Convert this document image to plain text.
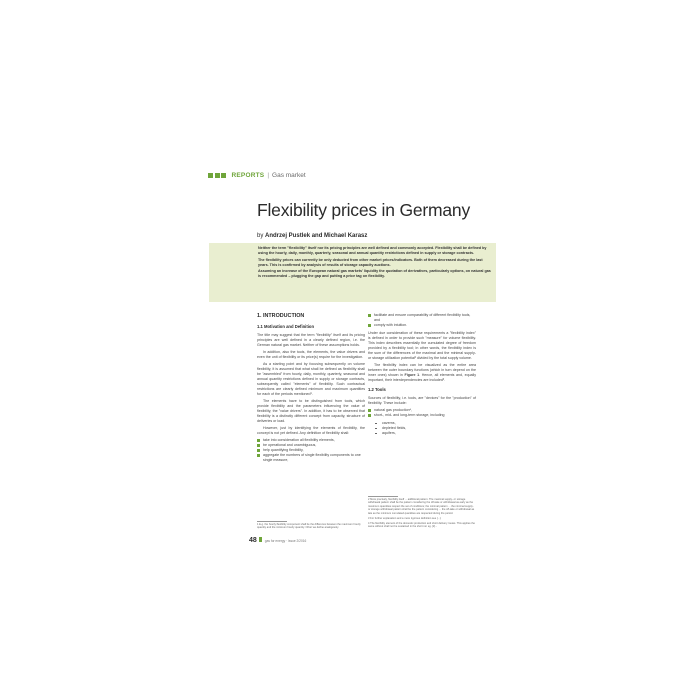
REPORTS | Gas market
Flexibility prices in Germany
by Andrzej Pustlek and Michael Karasz

Neither the term "flexibility" itself nor its pricing principles are well defined and commonly accepted. Flexibility shall be defined by using the hourly, daily, monthly, quarterly, seasonal and annual quantity restrictions defined in supply or storage contracts.

The flexibility prices can currently be only deducted from other market prices/indicators. Both of them decreased during the last years. This is confirmed by analysis of results of storage capacity auctions.

Assuming an increase of the European natural gas markets' liquidity the quotation of derivatives, particularly options, on natural gas is recommended – plugging the gap and putting a price tag on flexibility.

1. INTRODUCTION
1.1 Motivation and Definition

The title may suggest that the term "flexibility" itself and its pricing principles are well defined in a clearly defined region, i.e. the German natural gas market. Neither of these assumptions holds.

In addition, also the tools, the elements, the value drivers and even the unit of flexibility or its price(s) require for the investigation.

As a starting point and by focusing subsequently on volume flexibility, it is assumed that what shall be defined as flexibility shall be "assembled" from hourly, daily, monthly, quarterly, seasonal and annual quantity restrictions defined in supply or storage contracts, subsequently called "elements" of flexibility. Such contractual restrictions are clearly defined minimum and maximum quantities for each of the periods mentioned¹.

The elements have to be distinguished from tools, which provide flexibility and the parameters influencing the value of flexibility, the "value drivers". In addition, it has to be observed that flexibility is a distinctly different concept from capacity, structure of deliveries or load.

However, just by identifying the elements of flexibility, the concept is not yet defined. Any definition of flexibility shall:

take into consideration all flexibility elements,
be operational and unambiguous,
help quantifying flexibility,
aggregate the numbers of single flexibility components to one single measure,
facilitate and ensure comparability of different flexibility tools, and
comply with intuition.

Under due consideration of these requirements a "flexibility index" is defined in order to provide such "measure" for volume flexibility. This index describes essentially the cumulated degree of freedom provided by a flexibility tool; in other words, the flexibility index is the sum of the differences of the maximal and the minimal supply- or storage utilization potential² divided by the total supply volume.

The flexibility index can be visualized as the entire area between the outer boundary functions (which in turn depend on the inner ones) shown in Figure 1. Hence, all elements and, equally important, their interdependencies are included³.

1.2 Tools

Sources of flexibility, i.e. tools, are "devices" for the "production" of flexibility. These include:

natural gas production⁴,
short-, mid- and long-term storage, including
caverns,
depleted fields,
aquifers,
1 E.g. the hourly flexibility component shall be the difference between the maximum hourly quantity and the minimum hourly quantity. Other we define analogously.
2 More precisely, flexibility itself ... additional pattern. The maximal supply- or storage withdrawal pattern shall be the pattern considering the off-take or withdrawal as early as the maximum quantities respect the set of conditions; the minimal pattern ... the minimal supply- or storage withdrawal pattern shall be the pattern considering ... the off-take or withdrawal as late as the minimum cumulated quantities are respected during the period.
3 For further explanation and a more rigorous definition see [...].
4 The flexibility element of the domestic production and short delivery routes. This applies the same without shall not be sustained in the short run eg. [2]...
48	gas for energy · Issue 2/2016
